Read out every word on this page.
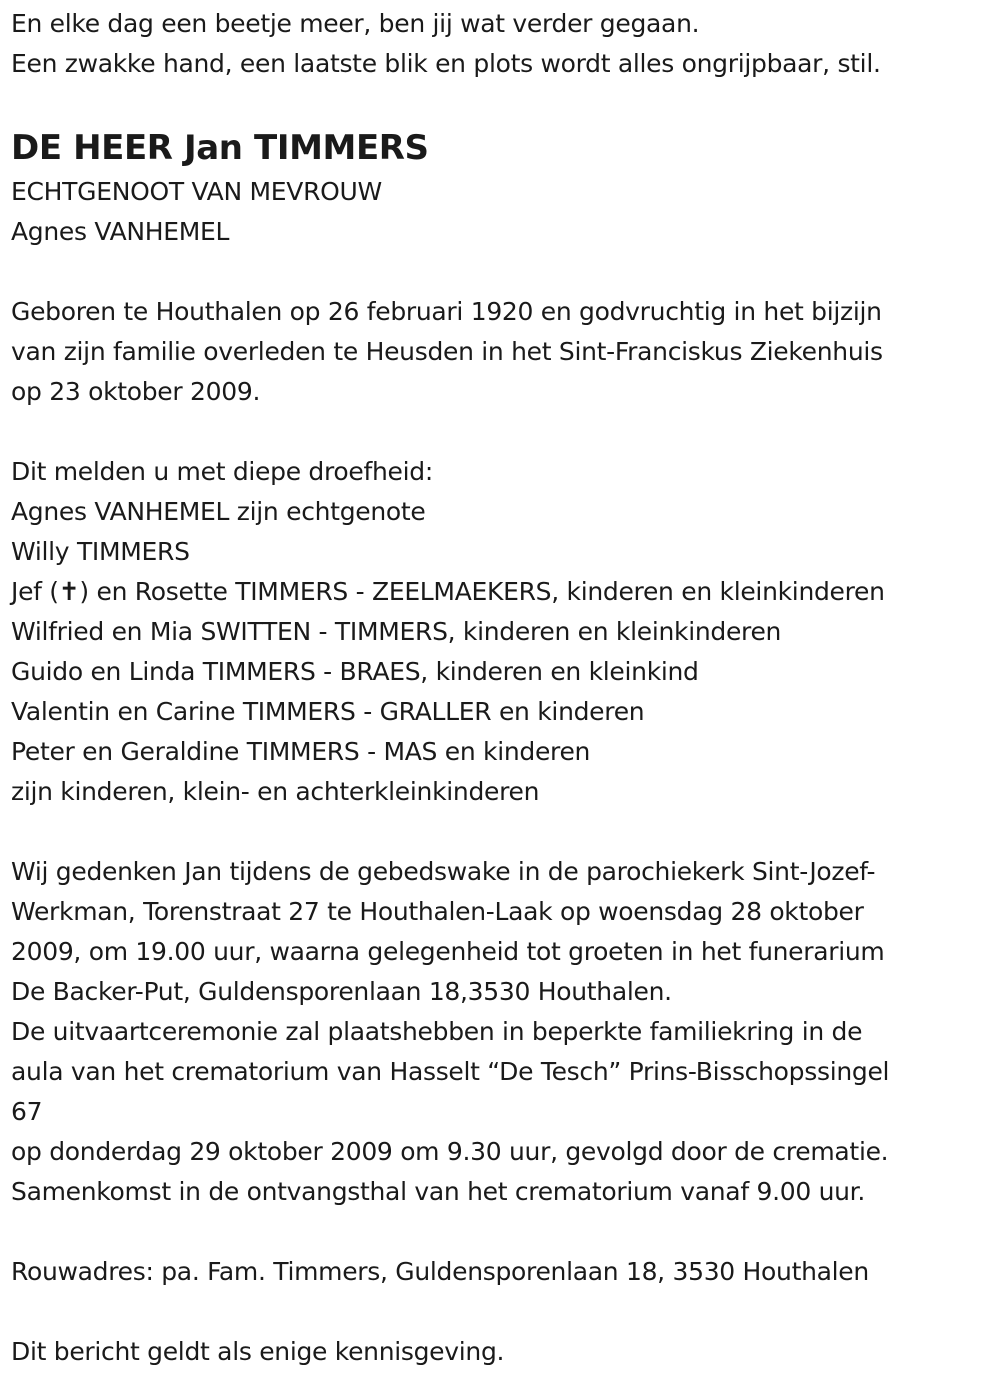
En elke dag een beetje meer, ben jij wat verder gegaan.
Een zwakke hand, een laatste blik en plots wordt alles ongrijpbaar, stil.
DE HEER Jan TIMMERS
ECHTGENOOT VAN MEVROUW
Agnes VANHEMEL
Geboren te Houthalen op 26 februari 1920 en godvruchtig in het bijzijn
van zijn familie overleden te Heusden in het Sint-Franciskus Ziekenhuis
op 23 oktober 2009.
Dit melden u met diepe droefheid:
Agnes VANHEMEL zijn echtgenote
Willy TIMMERS
Jef (✝) en Rosette TIMMERS - ZEELMAEKERS, kinderen en kleinkinderen
Wilfried en Mia SWITTEN - TIMMERS, kinderen en kleinkinderen
Guido en Linda TIMMERS - BRAES, kinderen en kleinkind
Valentin en Carine TIMMERS - GRALLER en kinderen
Peter en Geraldine TIMMERS - MAS en kinderen
zijn kinderen, klein- en achterkleinkinderen
Wij gedenken Jan tijdens de gebedswake in de parochiekerk Sint-Jozef-
Werkman, Torenstraat 27 te Houthalen-Laak op woensdag 28 oktober
2009, om 19.00 uur, waarna gelegenheid tot groeten in het funerarium
De Backer-Put, Guldensporenlaan 18,3530 Houthalen.
De uitvaartceremonie zal plaatshebben in beperkte familiekring in de
aula van het crematorium van Hasselt “De Tesch” Prins-Bisschopssingel
67
op donderdag 29 oktober 2009 om 9.30 uur, gevolgd door de crematie.
Samenkomst in de ontvangsthal van het crematorium vanaf 9.00 uur.
Rouwadres: pa. Fam. Timmers, Guldensporenlaan 18, 3530 Houthalen
Dit bericht geldt als enige kennisgeving.
